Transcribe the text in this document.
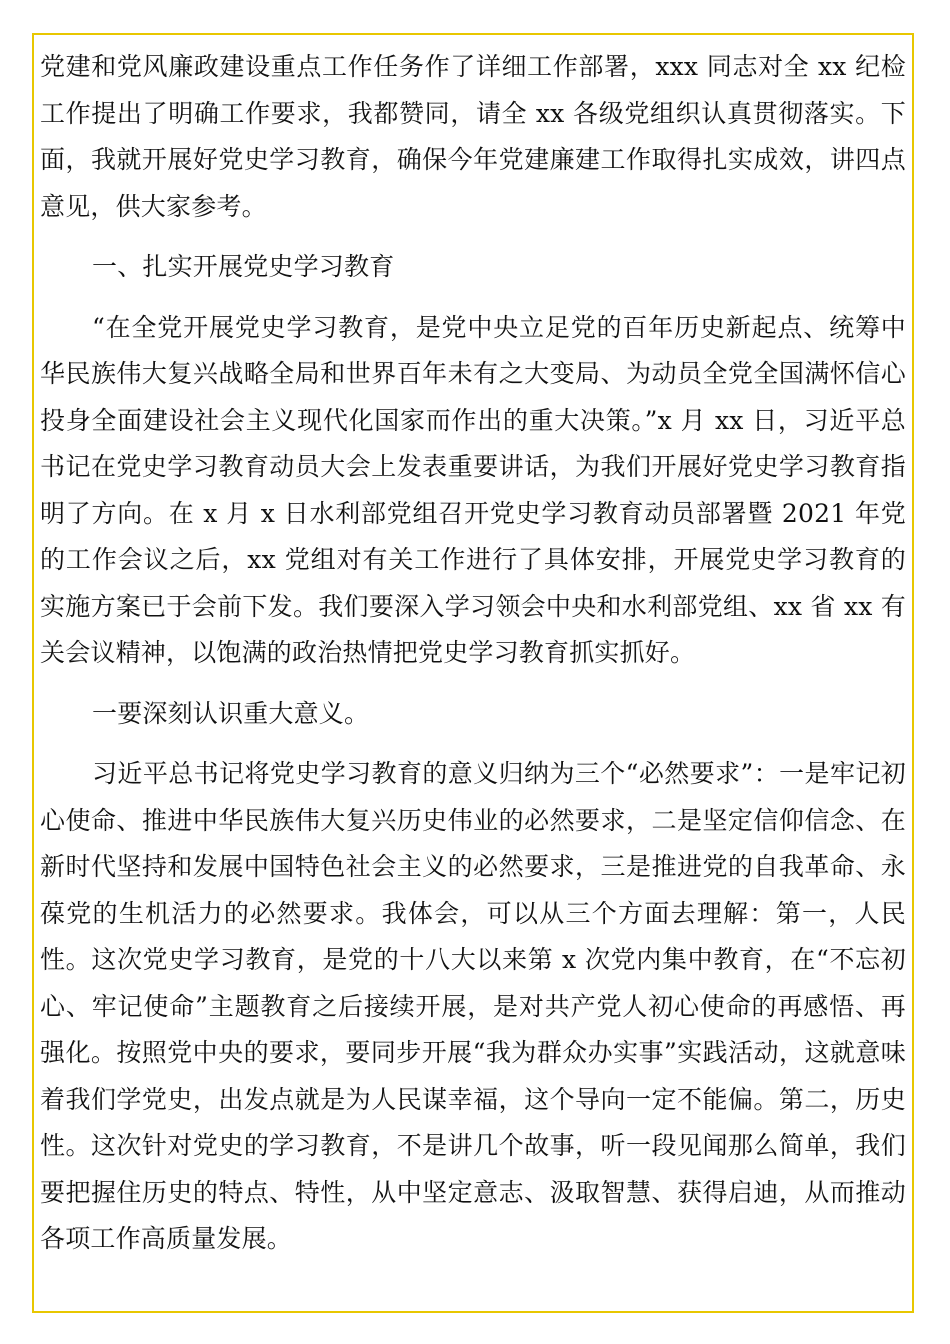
党建和党风廉政建设重点工作任务作了详细工作部署，xxx 同志对全 xx 纪检工作提出了明确工作要求，我都赞同，请全 xx 各级党组织认真贯彻落实。下面，我就开展好党史学习教育，确保今年党建廉建工作取得扎实成效，讲四点意见，供大家参考。

一、扎实开展党史学习教育

“在全党开展党史学习教育，是党中央立足党的百年历史新起点、统筹中华民族伟大复兴战略全局和世界百年未有之大变局、为动员全党全国满怀信心投身全面建设社会主义现代化国家而作出的重大决策。”x 月 xx 日，习近平总书记在党史学习教育动员大会上发表重要讲话，为我们开展好党史学习教育指明了方向。在 x 月 x 日水利部党组召开党史学习教育动员部署暨 2021 年党的工作会议之后，xx 党组对有关工作进行了具体安排，开展党史学习教育的实施方案已于会前下发。我们要深入学习领会中央和水利部党组、xx 省 xx 有关会议精神，以饱满的政治热情把党史学习教育抓实抓好。

一要深刻认识重大意义。

习近平总书记将党史学习教育的意义归纳为三个“必然要求”：一是牢记初心使命、推进中华民族伟大复兴历史伟业的必然要求，二是坚定信仰信念、在新时代坚持和发展中国特色社会主义的必然要求，三是推进党的自我革命、永葆党的生机活力的必然要求。我体会，可以从三个方面去理解：第一，人民性。这次党史学习教育，是党的十八大以来第 x 次党内集中教育，在“不忘初心、牢记使命”主题教育之后接续开展，是对共产党人初心使命的再感悟、再强化。按照党中央的要求，要同步开展“我为群众办实事”实践活动，这就意味着我们学党史，出发点就是为人民谋幸福，这个导向一定不能偏。第二，历史性。这次针对党史的学习教育，不是讲几个故事，听一段见闻那么简单，我们要把握住历史的特点、特性，从中坚定意志、汲取智慧、获得启迪，从而推动各项工作高质量发展。
